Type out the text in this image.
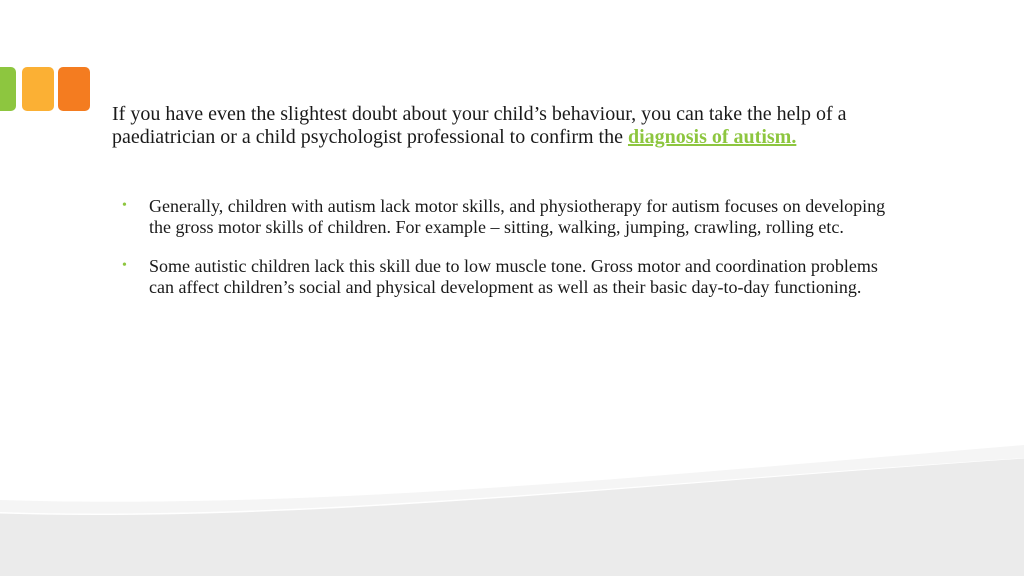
If you have even the slightest doubt about your child’s behaviour, you can take the help of a paediatrician or a child psychologist professional to confirm the diagnosis of autism.

• Generally, children with autism lack motor skills, and physiotherapy for autism focuses on developing the gross motor skills of children. For example – sitting, walking, jumping, crawling, rolling etc.
• Some autistic children lack this skill due to low muscle tone. Gross motor and coordination problems can affect children’s social and physical development as well as their basic day-to-day functioning.
